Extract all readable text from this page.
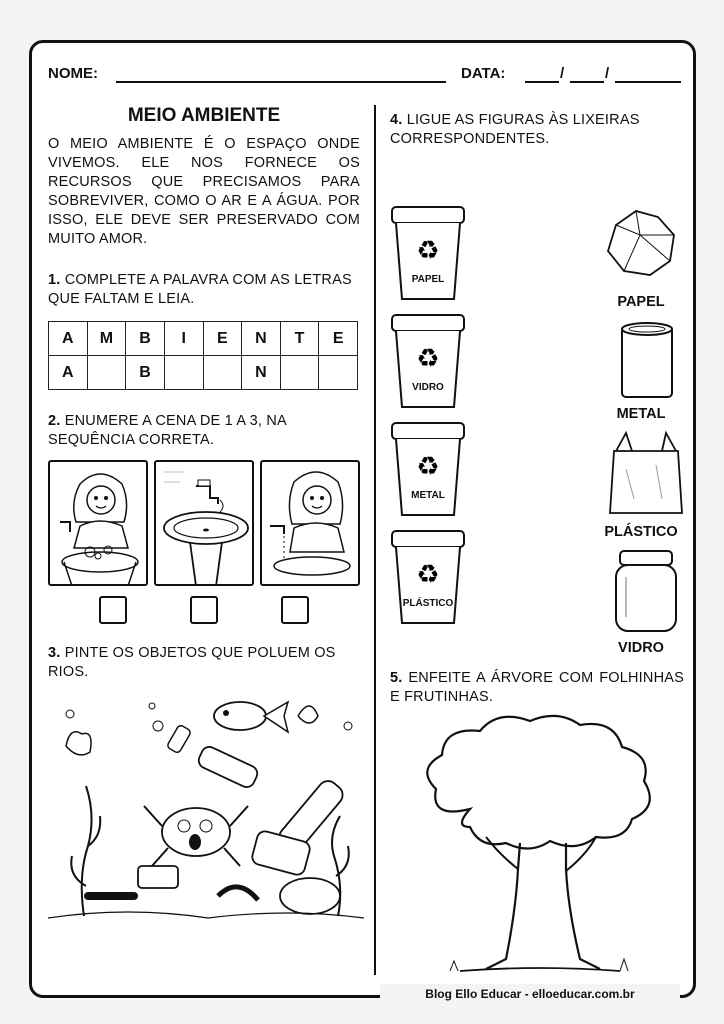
NOME:	DATA:	/	/
MEIO AMBIENTE

O MEIO AMBIENTE É O ESPAÇO ONDE VIVEMOS. ELE NOS FORNECE OS RECURSOS QUE PRECISAMOS PARA SOBREVIVER, COMO O AR E A ÁGUA. POR ISSO, ELE DEVE SER PRESERVADO COM MUITO AMOR.

1. COMPLETE A PALAVRA COM AS LETRAS QUE FALTAM E LEIA.

A	M	B	I	E	N	T	E
A		B			N		

2. ENUMERE A CENA DE 1 A 3, NA SEQUÊNCIA CORRETA.

3. PINTE OS OBJETOS QUE POLUEM OS RIOS.

4. LIGUE AS FIGURAS ÀS LIXEIRAS CORRESPONDENTES.

♻
PAPEL
♻
VIDRO
♻
METAL
♻
PLÁSTICO
PAPEL
METAL
PLÁSTICO
VIDRO

5. ENFEITE A ÁRVORE COM FOLHINHAS E FRUTINHAS.

Blog Ello Educar - elloeducar.com.br
